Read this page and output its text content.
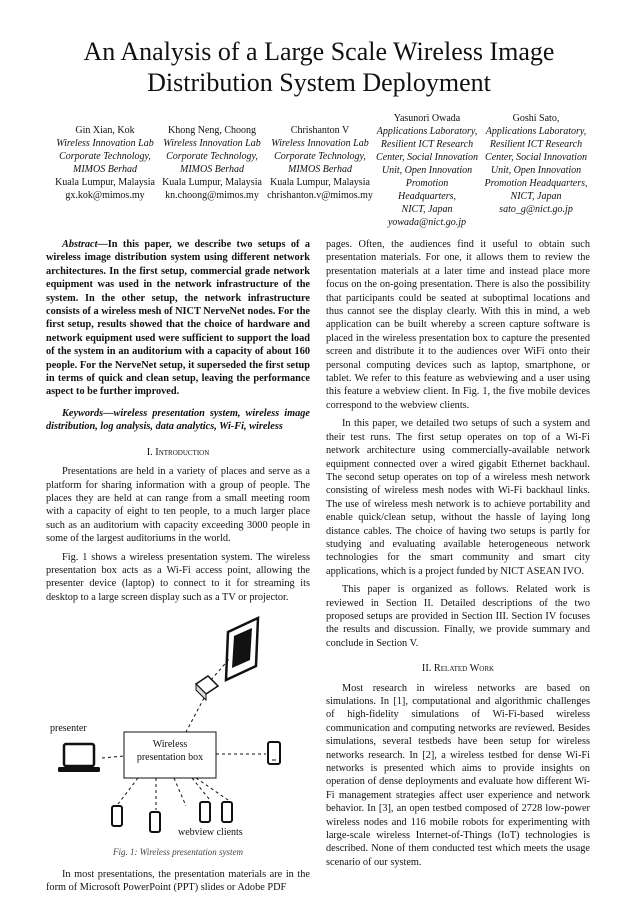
An Analysis of a Large Scale Wireless Image
Distribution System Deployment
Gin Xian, Kok
Wireless Innovation Lab
Corporate Technology,
MIMOS Berhad
Kuala Lumpur, Malaysia
gx.kok@mimos.my
Khong Neng, Choong
Wireless Innovation Lab
Corporate Technology,
MIMOS Berhad
Kuala Lumpur, Malaysia
kn.choong@mimos.my
Chrishanton V
Wireless Innovation Lab
Corporate Technology,
MIMOS Berhad
Kuala Lumpur, Malaysia
chrishanton.v@mimos.my
Yasunori Owada
Applications Laboratory,
Resilient ICT Research
Center, Social Innovation
Unit, Open Innovation
Promotion Headquarters,
NICT, Japan
yowada@nict.go.jp
Goshi Sato,
Applications Laboratory,
Resilient ICT Research
Center, Social Innovation
Unit, Open Innovation
Promotion Headquarters,
NICT, Japan
sato_g@nict.go.jp

Abstract—In this paper, we describe two setups of a wireless image distribution system using different network architectures. In the first setup, commercial grade network equipment was used in the network infrastructure of the system. In the other setup, the network infrastructure consists of a wireless mesh of NICT NerveNet nodes. For the first setup, results showed that the choice of hardware and network equipment used were sufficient to support the load of the system in an auditorium with a capacity of about 160 people. For the NerveNet setup, it superseded the first setup in terms of quick and clean setup, leaving the performance aspect to be further improved.

Keywords—wireless presentation system, wireless image distribution, log analysis, data analytics, Wi-Fi, wireless

I. Introduction

Presentations are held in a variety of places and serve as a platform for sharing information with a group of people. The places they are held at can range from a small meeting room with a capacity of eight to ten people, to a much larger place such as an auditorium with capacity exceeding 3000 people in some of the largest auditoriums in the world.

Fig. 1 shows a wireless presentation system. The wireless presentation box acts as a Wi-Fi access point, allowing the presenter device (laptop) to connect to it for streaming its desktop to a large screen display such as a TV or projector.

presenter
Wireless
presentation box
webview clients
Fig. 1: Wireless presentation system

In most presentations, the presentation materials are in the form of Microsoft PowerPoint (PPT) slides or Adobe PDF

pages. Often, the audiences find it useful to obtain such presentation materials. For one, it allows them to review the presentation materials at a later time and instead place more focus on the on-going presentation. There is also the possibility that participants could be seated at suboptimal locations and thus cannot see the display clearly. With this in mind, a web application can be built whereby a screen capture software is placed in the wireless presentation box to capture the presented screen and distribute it to the audiences over WiFi onto their personal computing devices such as laptop, smartphone, or tablet. We refer to this feature as webviewing and a user using this feature a webview client. In Fig. 1, the five mobile devices correspond to the webview clients.

In this paper, we detailed two setups of such a system and their test runs. The first setup operates on top of a Wi-Fi network architecture using commercially-available network equipment connected over a wired gigabit Ethernet backhaul. The second setup operates on top of a wireless mesh network consisting of wireless mesh nodes with Wi-Fi backhaul links. The use of wireless mesh network is to achieve portability and enable quick/clean setup, without the hassle of laying long distance cables. The choice of having two setups is partly for studying and evaluating available heterogeneous network technologies for the smart community and smart city applications, which is a project funded by NICT ASEAN IVO.

This paper is organized as follows. Related work is reviewed in Section II. Detailed descriptions of the two proposed setups are provided in Section III. Section IV focuses the results and discussion. Finally, we provide summary and conclude in Section V.

II. Related Work

Most research in wireless networks are based on simulations. In [1], computational and algorithmic challenges of high-fidelity simulations of Wi-Fi-based wireless communication and computing networks are reviewed. Besides simulations, several testbeds have been setup for wireless networks research. In [2], a wireless testbed for dense Wi-Fi networks is presented which aims to provide insights on operation of dense deployments and evaluate how different Wi-Fi management strategies affect user experience and network behavior. In [3], an open testbed composed of 2728 low-power wireless nodes and 116 mobile robots for experimenting with large-scale wireless Internet-of-Things (IoT) technologies is described. None of them conducted test which meets the usage scenario of our system.
